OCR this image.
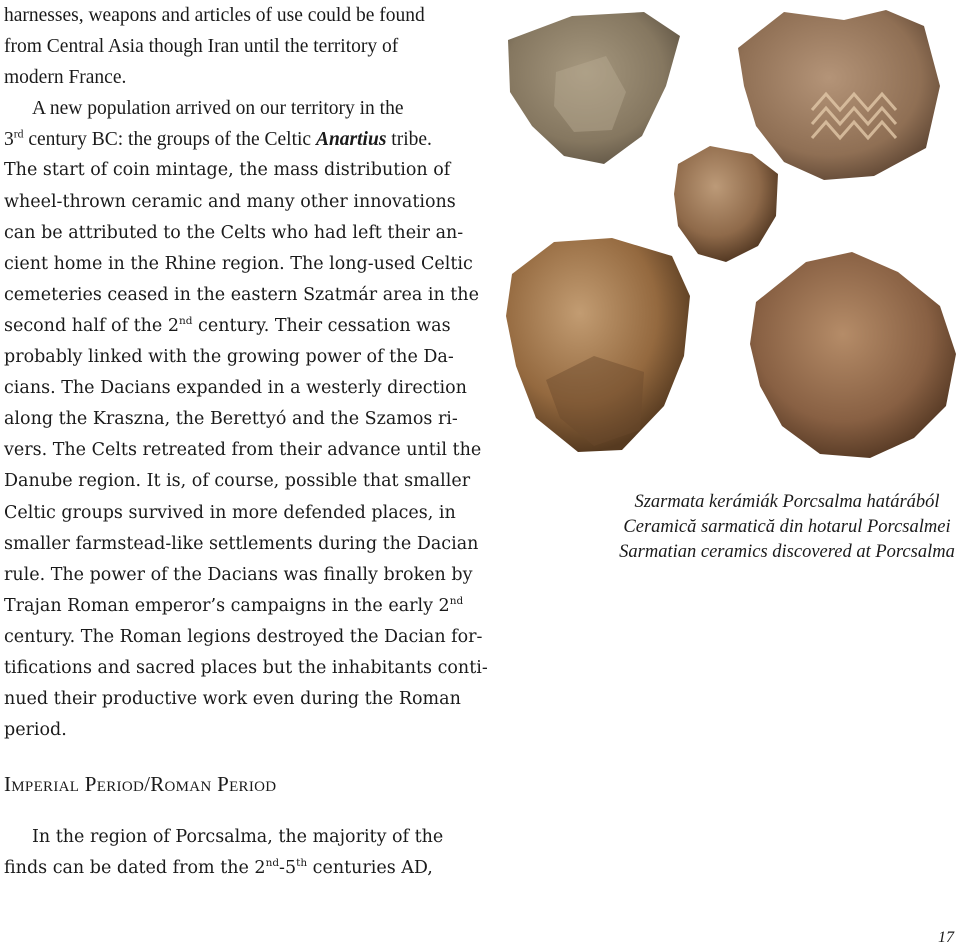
harnesses, weapons and articles of use could be found
from Central Asia though Iran until the territory of
modern France.
A new population arrived on our territory in the
3rd century BC: the groups of the Celtic Anartius tribe.
The start of coin mintage, the mass distribution of
wheel-thrown ceramic and many other innovations
can be attributed to the Celts who had left their an-
cient home in the Rhine region. The long-used Celtic
cemeteries ceased in the eastern Szatmár area in the
second half of the 2nd century. Their cessation was
probably linked with the growing power of the Da-
cians. The Dacians expanded in a westerly direction
along the Kraszna, the Berettyó and the Szamos ri-
vers. The Celts retreated from their advance until the
Danube region. It is, of course, possible that smaller
Celtic groups survived in more defended places, in
smaller farmstead-like settlements during the Dacian
rule. The power of the Dacians was finally broken by
Trajan Roman emperor’s campaigns in the early 2nd
century. The Roman legions destroyed the Dacian for-
tifications and sacred places but the inhabitants conti-
nued their productive work even during the Roman
period.
Imperial Period/Roman Period
In the region of Porcsalma, the majority of the
finds can be dated from the 2nd-5th centuries AD,
Szarmata kerámiák Porcsalma határából
Ceramică sarmatică din hotarul Porcsalmei
Sarmatian ceramics discovered at Porcsalma
17
